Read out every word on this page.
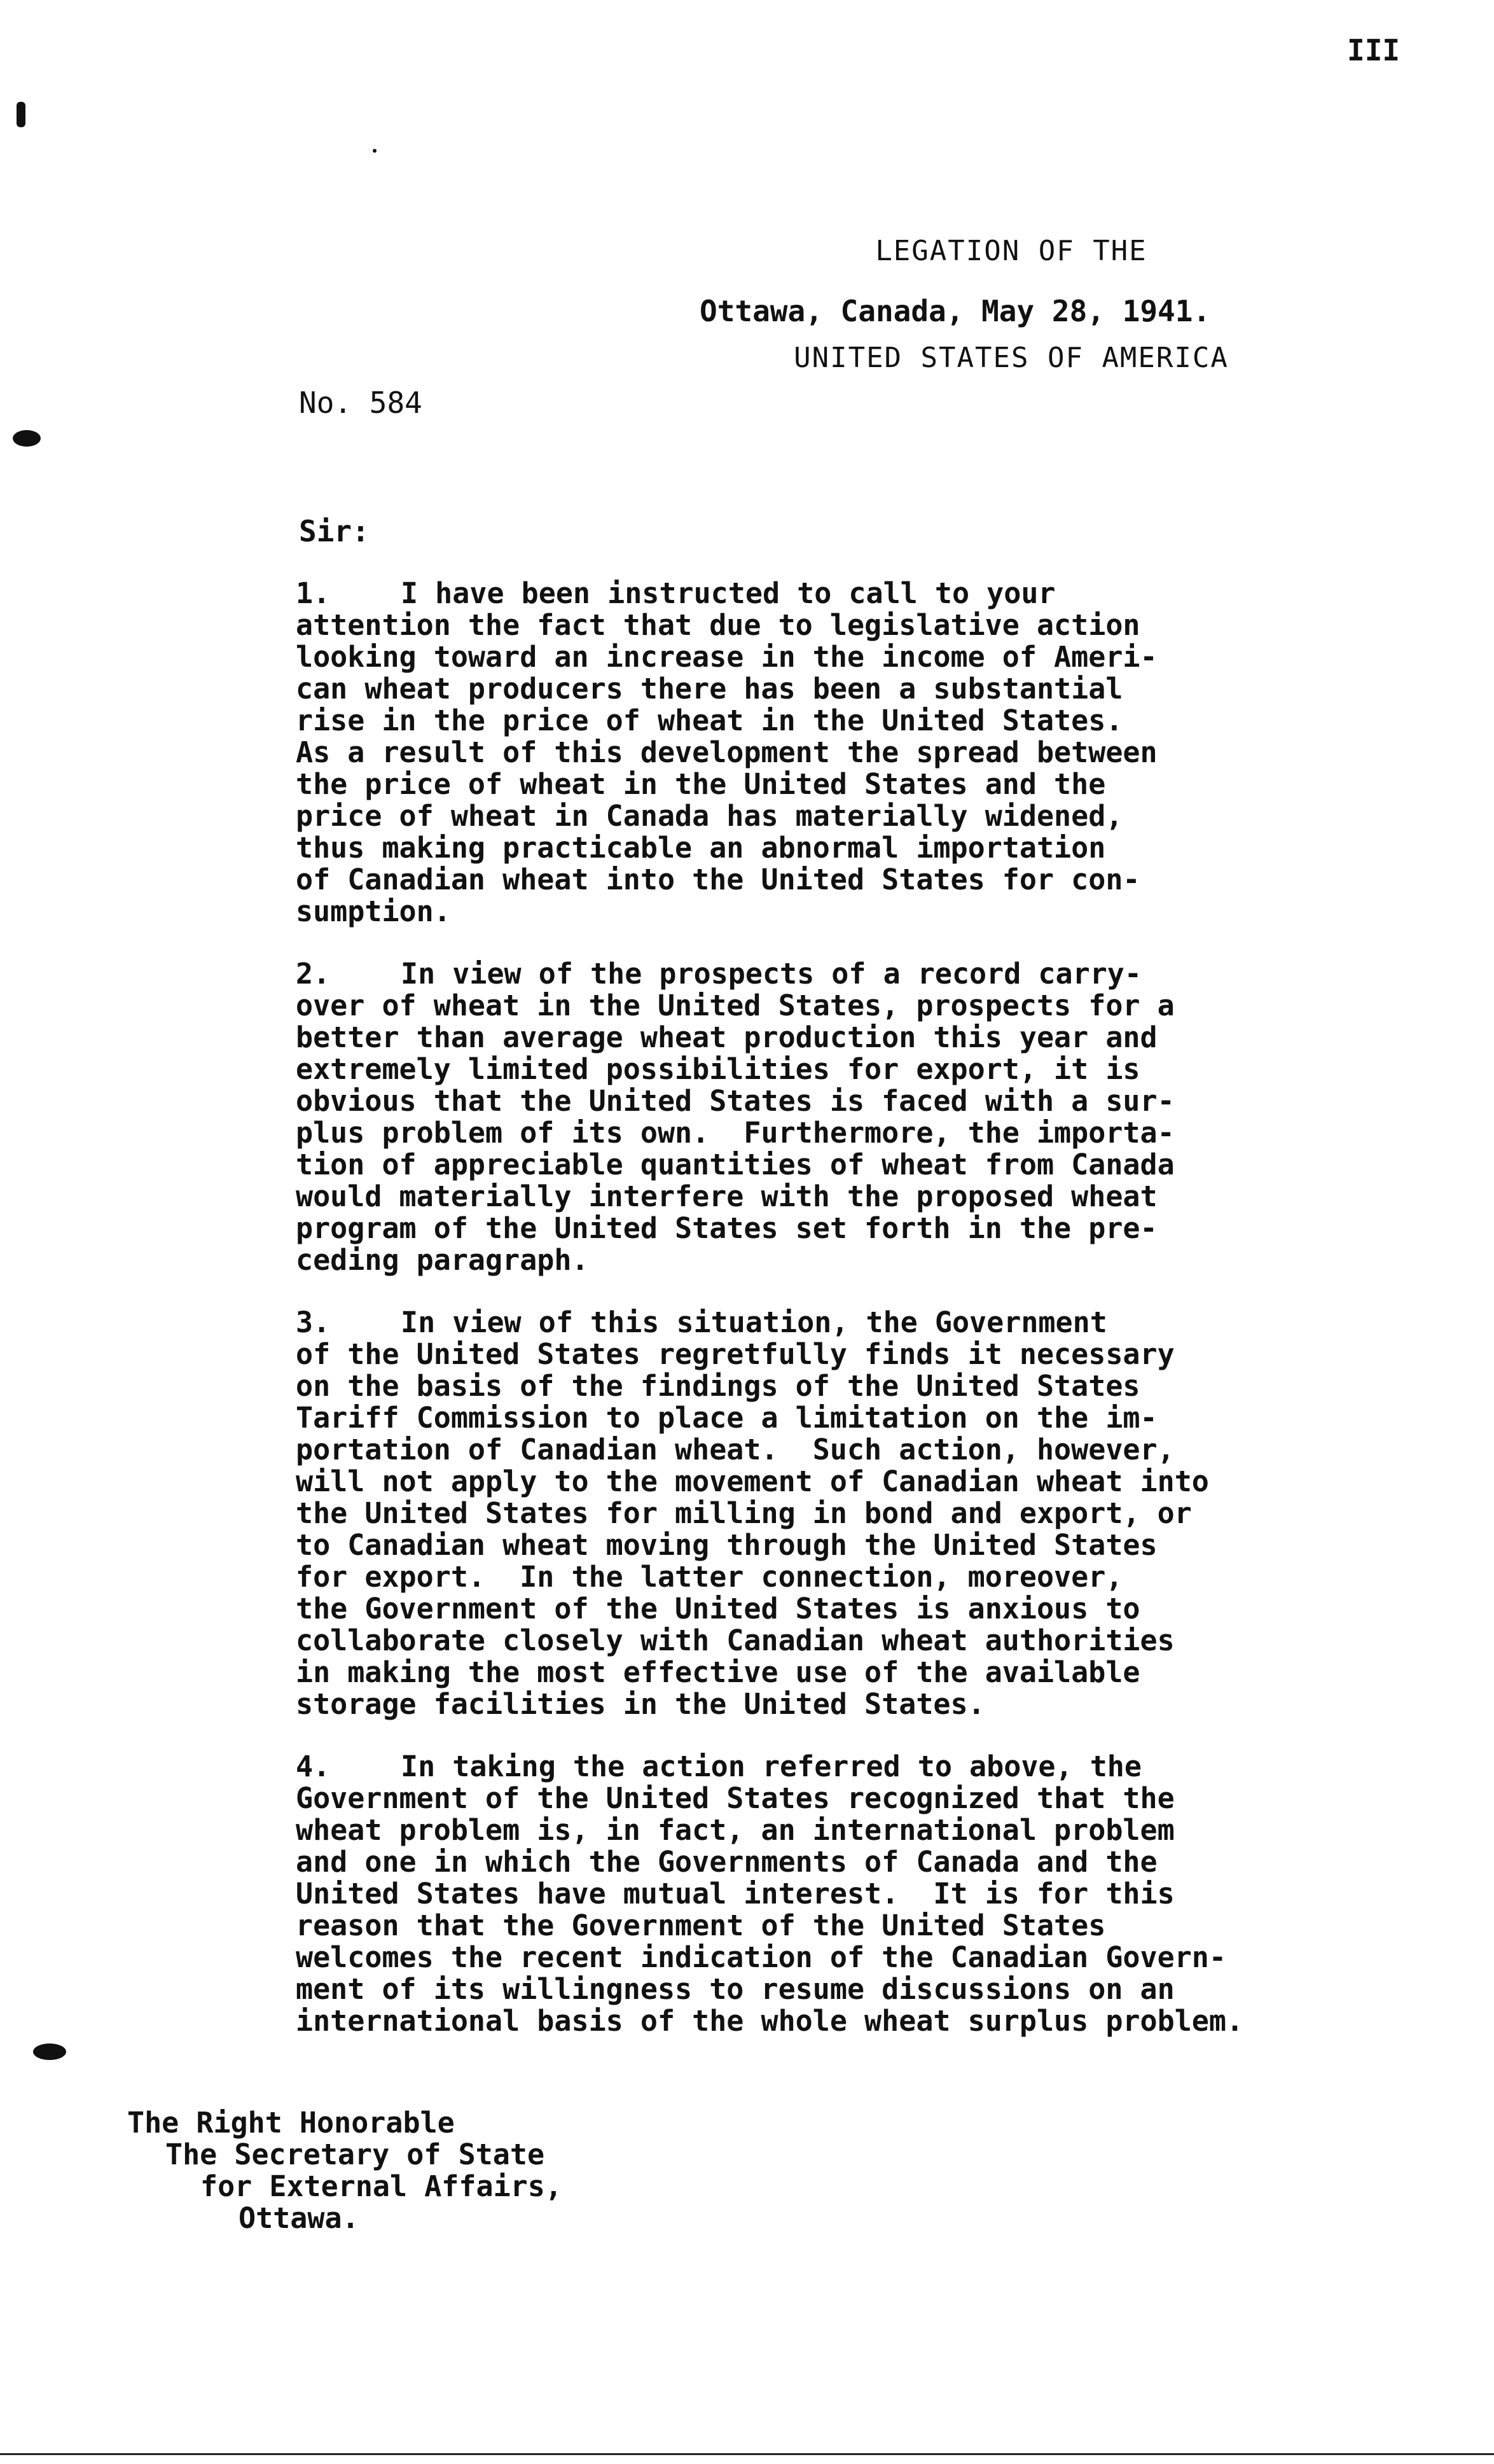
III

LEGATION OF THE

UNITED STATES OF AMERICA

Ottawa, Canada, May 28, 1941.
No. 584
Sir:
1. I have been instructed to call to your
attention the fact that due to legislative action
looking toward an increase in the income of Ameri-
can wheat producers there has been a substantial
rise in the price of wheat in the United States.
As a result of this development the spread between
the price of wheat in the United States and the
price of wheat in Canada has materially widened,
thus making practicable an abnormal importation
of Canadian wheat into the United States for con-
sumption.
2. In view of the prospects of a record carry-
over of wheat in the United States, prospects for a
better than average wheat production this year and
extremely limited possibilities for export, it is
obvious that the United States is faced with a sur-
plus problem of its own.  Furthermore, the importa-
tion of appreciable quantities of wheat from Canada
would materially interfere with the proposed wheat
program of the United States set forth in the pre-
ceding paragraph.
3. In view of this situation, the Government
of the United States regretfully finds it necessary
on the basis of the findings of the United States
Tariff Commission to place a limitation on the im-
portation of Canadian wheat.  Such action, however,
will not apply to the movement of Canadian wheat into
the United States for milling in bond and export, or
to Canadian wheat moving through the United States
for export.  In the latter connection, moreover,
the Government of the United States is anxious to
collaborate closely with Canadian wheat authorities
in making the most effective use of the available
storage facilities in the United States.
4. In taking the action referred to above, the
Government of the United States recognized that the
wheat problem is, in fact, an international problem
and one in which the Governments of Canada and the
United States have mutual interest.  It is for this
reason that the Government of the United States
welcomes the recent indication of the Canadian Govern-
ment of its willingness to resume discussions on an
international basis of the whole wheat surplus problem.
The Right Honorable
The Secretary of State
for External Affairs,
Ottawa.
